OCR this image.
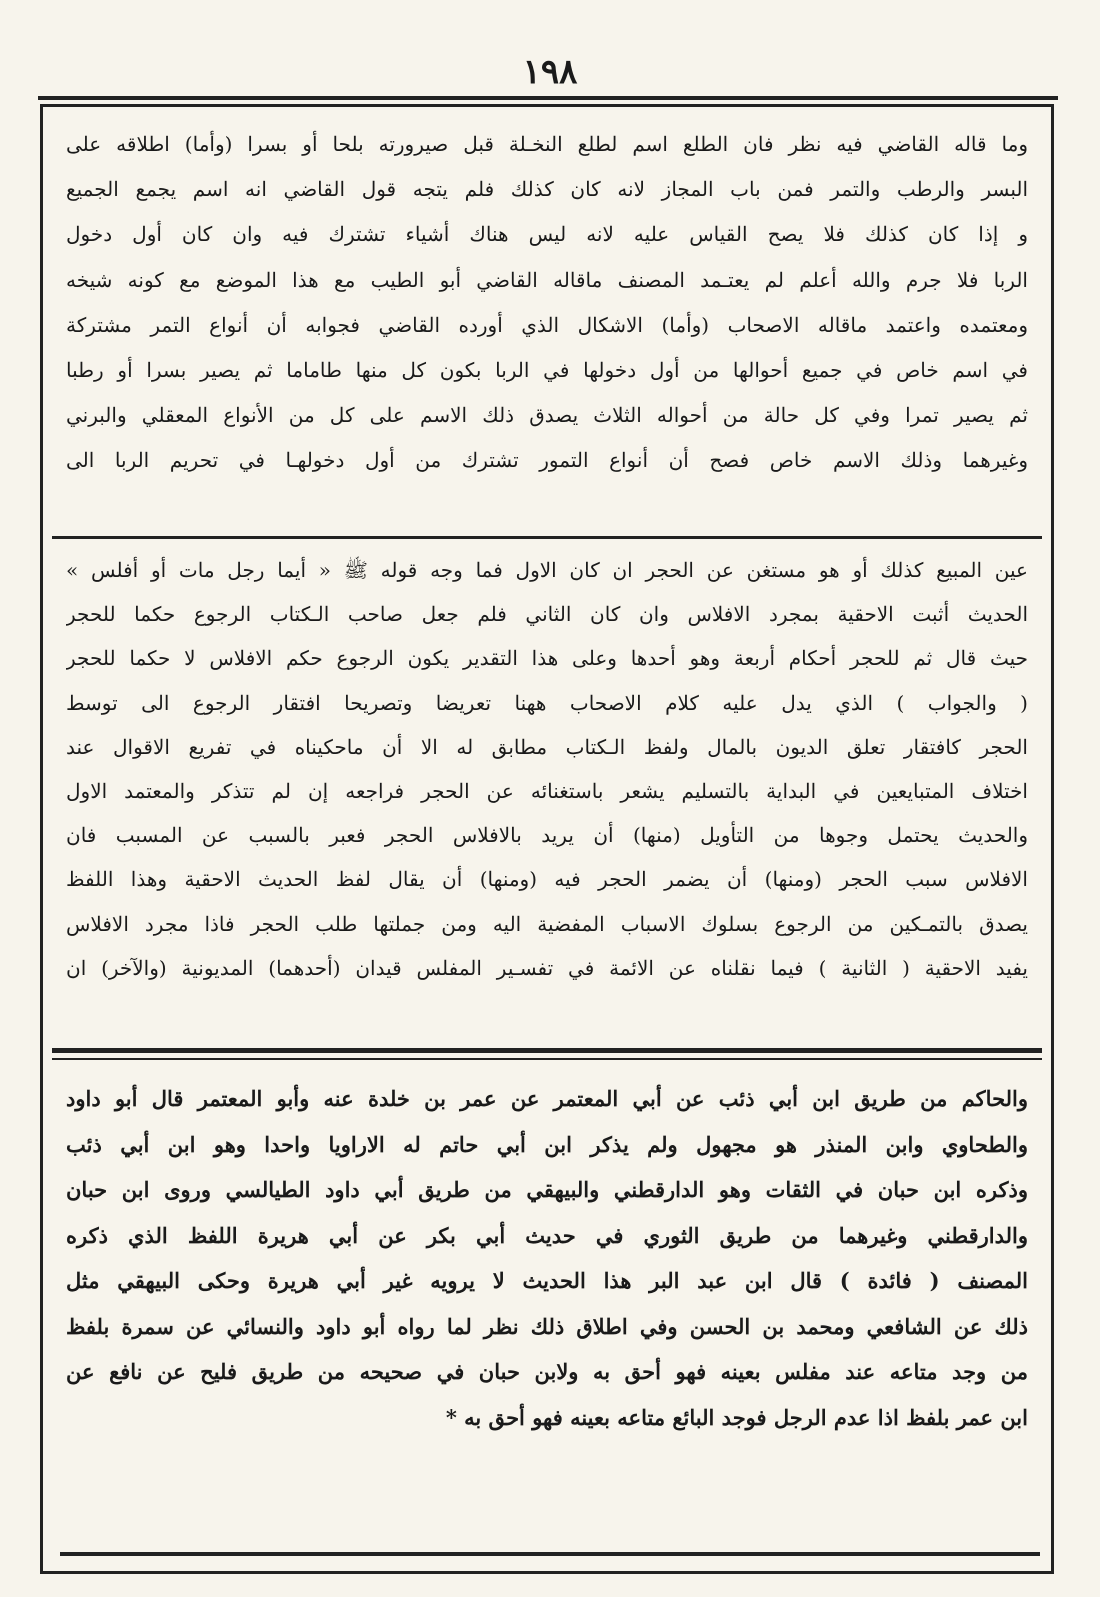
١٩٨
وما قاله القاضي فيه نظر فان الطلع اسم لطلع النخـلة قبل صيرورته بلحا أو بسرا (وأما) اطلاقه على
البسر والرطب والتمر فمن باب المجاز لانه كان كذلك فلم يتجه قول القاضي انه اسم يجمع الجميع
و إذا كان كذلك فلا يصح القياس عليه لانه ليس هناك أشياء تشترك فيه وان كان أول دخول
الربا فلا جرم والله أعلم لم يعتـمد المصنف ماقاله القاضي أبو الطيب مع هذا الموضع مع كونه شيخه
ومعتمده واعتمد ماقاله الاصحاب (وأما) الاشكال الذي أورده القاضي فجوابه أن أنواع التمر مشتركة
في اسم خاص في جميع أحوالها من أول دخولها في الربا بكون كل منها طاماما ثم يصير بسرا أو رطبا
ثم يصير تمرا وفي كل حالة من أحواله الثلاث يصدق ذلك الاسم على كل من الأنواع المعقلي والبرني
وغيرهما وذلك الاسم خاص فصح أن أنواع التمور تشترك من أول دخولهـا في تحريم الربا الى
عين المبيع كذلك أو هو مستغن عن الحجر ان كان الاول فما وجه قوله ﷺ « أيما رجل مات أو أفلس »
الحديث أثبت الاحقية بمجرد الافلاس وان كان الثاني فلم جعل صاحب الـكتاب الرجوع حكما للحجر
حيث قال ثم للحجر أحكام أربعة وهو أحدها وعلى هذا التقدير يكون الرجوع حكم الافلاس لا حكما للحجر
( والجواب ) الذي يدل عليه كلام الاصحاب ههنا تعريضا وتصريحا افتقار الرجوع الى توسط
الحجر كافتقار تعلق الديون بالمال ولفظ الـكتاب مطابق له الا أن ماحكيناه في تفريع الاقوال عند
اختلاف المتبايعين في البداية بالتسليم يشعر باستغنائه عن الحجر فراجعه إن لم تتذكر والمعتمد الاول
والحديث يحتمل وجوها من التأويل (منها) أن يريد بالافلاس الحجر فعبر بالسبب عن المسبب فان
الافلاس سبب الحجر (ومنها) أن يضمر الحجر فيه (ومنها) أن يقال لفظ الحديث الاحقية وهذا اللفظ
يصدق بالتمـكين من الرجوع بسلوك الاسباب المفضية اليه ومن جملتها طلب الحجر فاذا مجرد الافلاس
يفيد الاحقية ( الثانية ) فيما نقلناه عن الائمة في تفسـير المفلس قيدان (أحدهما) المديونية (والآخر) ان
والحاكم من طريق ابن أبي ذئب عن أبي المعتمر عن عمر بن خلدة عنه وأبو المعتمر قال أبو داود
والطحاوي وابن المنذر هو مجهول ولم يذكر ابن أبي حاتم له الاراويا واحدا وهو ابن أبي ذئب
وذكره ابن حبان في الثقات وهو الدارقطني والبيهقي من طريق أبي داود الطيالسي وروى ابن حبان
والدارقطني وغيرهما من طريق الثوري في حديث أبي بكر عن أبي هريرة اللفظ الذي ذكره
المصنف ( فائدة ) قال ابن عبد البر هذا الحديث لا يرويه غير أبي هريرة وحكى البيهقي مثل
ذلك عن الشافعي ومحمد بن الحسن وفي اطلاق ذلك نظر لما رواه أبو داود والنسائي عن سمرة بلفظ
من وجد متاعه عند مفلس بعينه فهو أحق به ولابن حبان في صحيحه من طريق فليح عن نافع عن
ابن عمر بلفظ اذا عدم الرجل فوجد البائع متاعه بعينه فهو أحق به *
